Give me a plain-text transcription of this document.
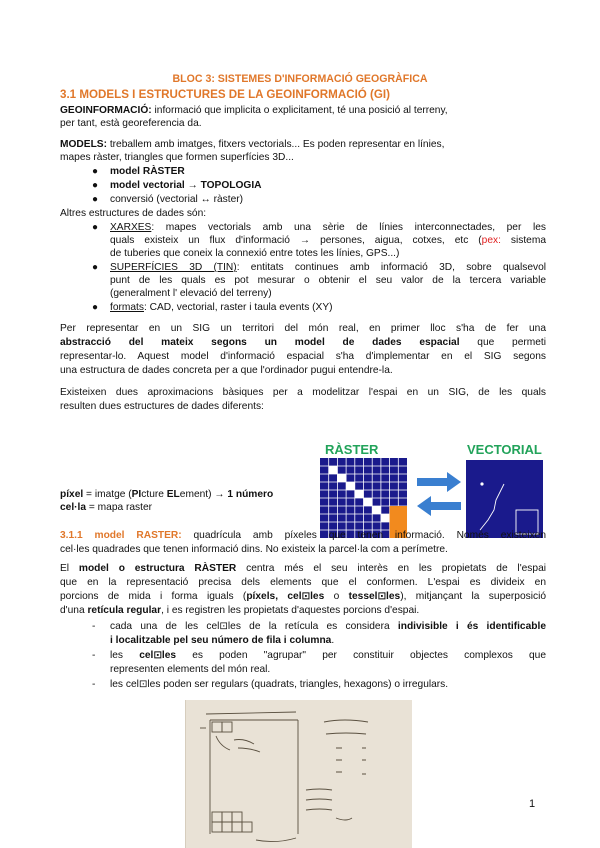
BLOC 3: SISTEMES D'INFORMACIÓ GEOGRÀFICA
3.1 MODELS I ESTRUCTURES DE LA GEOINFORMACIÓ (GI)
GEOINFORMACIÓ: informació que implicita o explicitament, té una posició al terreny,
per tant, està georeferencia da.
MODELS: treballem amb imatges, fitxers vectorials... Es poden representar en línies,
mapes ràster, triangles que formen superfícies 3D...
● model RÀSTER
● model vectorial → TOPOLOGIA
● conversió (vectorial ↔ ràster)
Altres estructures de dades són:
● XARXES: mapes vectorials amb una sèrie de línies interconnectades, per les
quals existeix un flux d'informació → persones, aigua, cotxes, etc (pex: sistema
de tuberies que coneix la connexió entre totes les línies, GPS...)
● SUPERFÍCIES 3D (TIN): entitats continues amb informació 3D, sobre qualsevol
punt de les quals es pot mesurar o obtenir el seu valor de la tercera variable
(generalment l' elevació del terreny)
● formats: CAD, vectorial, raster i taula events (XY)
Per representar en un SIG un territori del món real, en primer lloc s'ha de fer una
abstracció del mateix segons un model de dades espacial que permeti
representar-lo. Aquest model d'informació espacial s'ha d'implementar en el SIG segons
una estructura de dades concreta per a que l'ordinador pugui entendre-la.
Existeixen dues aproximacions bàsiques per a modelitzar l'espai en un SIG, de les quals
resulten dues estructures de dades diferents:
RÀSTER	VECTORIAL
píxel = imatge (PIcture ELement) → 1 número
cel·la = mapa raster
3.1.1 model RASTER: quadrícula amb píxeles que tenen informació. Només existeixen
cel·les quadrades que tenen informació dins. No existeix la parcel·la com a perímetre.
El model o estructura RÀSTER centra més el seu interès en les propietats de l'espai
que en la representació precisa dels elements que el conformen. L'espai es divideix en
porcions de mida i forma iguals (píxels, cel⊡les o tessel⊡les), mitjançant la superposició
d'una retícula regular, i es registren les propietats d'aquestes porcions d'espai.
- cada una de les cel⊡les de la retícula es considera indivisible i és identificable
i localitzable pel seu número de fila i columna.
- les cel⊡les es poden "agrupar" per constituir objectes complexos que
representen elements del món real.
- les cel⊡les poden ser regulars (quadrats, triangles, hexagons) o irregulars.
1
